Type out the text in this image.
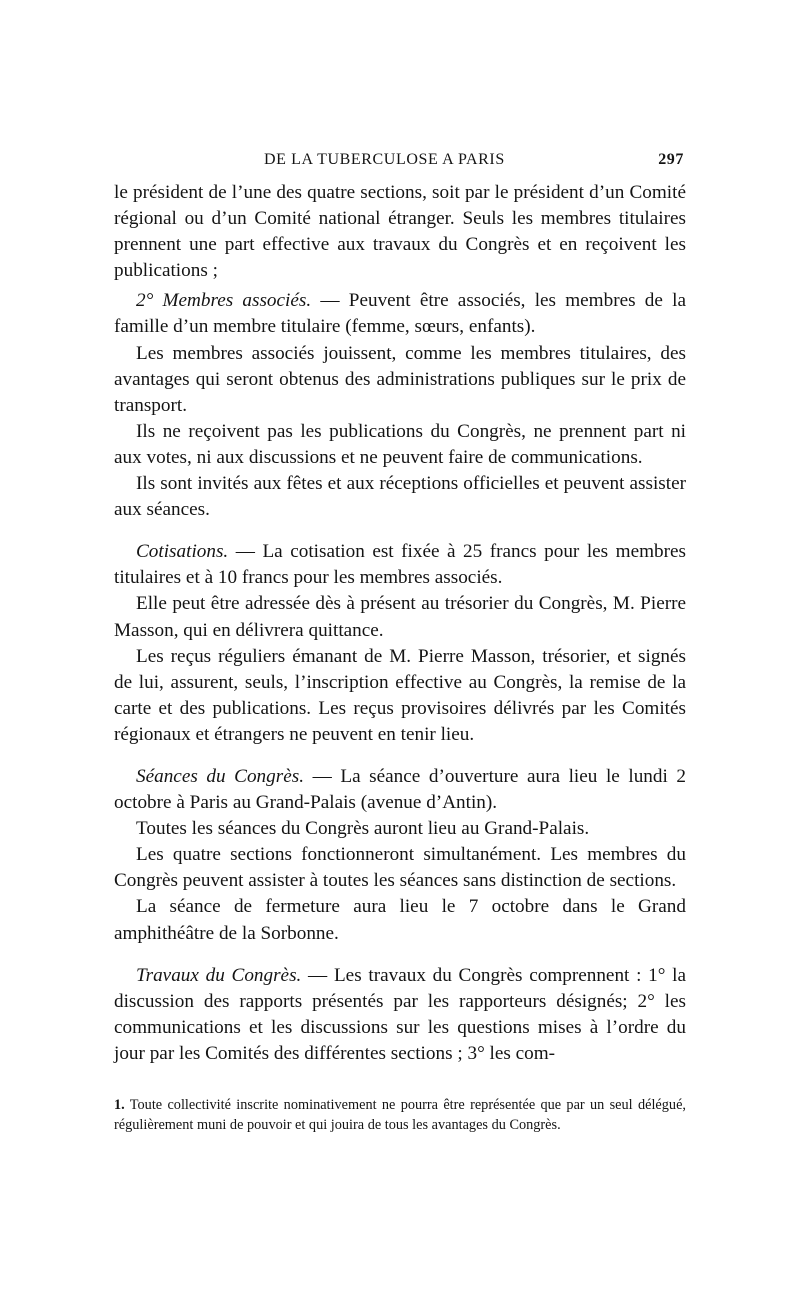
DE LA TUBERCULOSE A PARIS	297

le président de l’une des quatre sections, soit par le président d’un Comité régional ou d’un Comité national étranger. Seuls les membres titulaires prennent une part effective aux travaux du Congrès et en reçoivent les publications ;

2° Membres associés. — Peuvent être associés, les membres de la famille d’un membre titulaire (femme, sœurs, enfants).

Les membres associés jouissent, comme les membres titulaires, des avantages qui seront obtenus des administrations publiques sur le prix de transport.

Ils ne reçoivent pas les publications du Congrès, ne prennent part ni aux votes, ni aux discussions et ne peuvent faire de communications.

Ils sont invités aux fêtes et aux réceptions officielles et peuvent assister aux séances.

Cotisations. — La cotisation est fixée à 25 francs pour les membres titulaires et à 10 francs pour les membres associés.

Elle peut être adressée dès à présent au trésorier du Congrès, M. Pierre Masson, qui en délivrera quittance.

Les reçus réguliers émanant de M. Pierre Masson, trésorier, et signés de lui, assurent, seuls, l’inscription effective au Congrès, la remise de la carte et des publications. Les reçus provisoires délivrés par les Comités régionaux et étrangers ne peuvent en tenir lieu.

Séances du Congrès. — La séance d’ouverture aura lieu le lundi 2 octobre à Paris au Grand-Palais (avenue d’Antin).

Toutes les séances du Congrès auront lieu au Grand-Palais.

Les quatre sections fonctionneront simultanément. Les membres du Congrès peuvent assister à toutes les séances sans distinction de sections.

La séance de fermeture aura lieu le 7 octobre dans le Grand amphithéâtre de la Sorbonne.

Travaux du Congrès. — Les travaux du Congrès comprennent : 1° la discussion des rapports présentés par les rapporteurs désignés; 2° les communications et les discussions sur les questions mises à l’ordre du jour par les Comités des différentes sections ; 3° les com-

1. Toute collectivité inscrite nominativement ne pourra être représentée que par un seul délégué, régulièrement muni de pouvoir et qui jouira de tous les avantages du Congrès.
